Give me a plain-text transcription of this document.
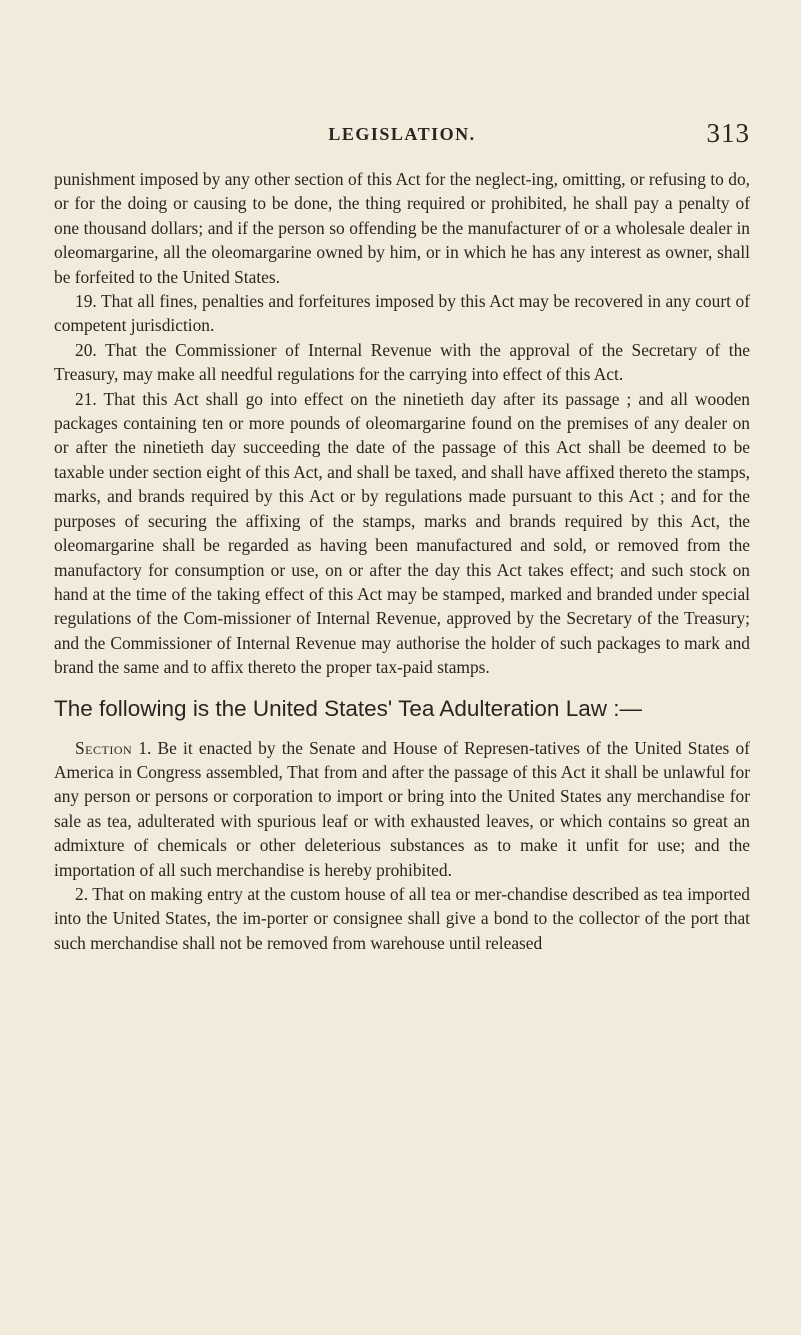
LEGISLATION.	313

punishment imposed by any other section of this Act for the neglect-ing, omitting, or refusing to do, or for the doing or causing to be done, the thing required or prohibited, he shall pay a penalty of one thousand dollars; and if the person so offending be the manufacturer of or a wholesale dealer in oleomargarine, all the oleomargarine owned by him, or in which he has any interest as owner, shall be forfeited to the United States.

19. That all fines, penalties and forfeitures imposed by this Act may be recovered in any court of competent jurisdiction.

20. That the Commissioner of Internal Revenue with the approval of the Secretary of the Treasury, may make all needful regulations for the carrying into effect of this Act.

21. That this Act shall go into effect on the ninetieth day after its passage ; and all wooden packages containing ten or more pounds of oleomargarine found on the premises of any dealer on or after the ninetieth day succeeding the date of the passage of this Act shall be deemed to be taxable under section eight of this Act, and shall be taxed, and shall have affixed thereto the stamps, marks, and brands required by this Act or by regulations made pursuant to this Act ; and for the purposes of securing the affixing of the stamps, marks and brands required by this Act, the oleomargarine shall be regarded as having been manufactured and sold, or removed from the manufactory for consumption or use, on or after the day this Act takes effect; and such stock on hand at the time of the taking effect of this Act may be stamped, marked and branded under special regulations of the Com-missioner of Internal Revenue, approved by the Secretary of the Treasury; and the Commissioner of Internal Revenue may authorise the holder of such packages to mark and brand the same and to affix thereto the proper tax-paid stamps.

The following is the United States' Tea Adulteration Law :—

Section 1. Be it enacted by the Senate and House of Represen-tatives of the United States of America in Congress assembled, That from and after the passage of this Act it shall be unlawful for any person or persons or corporation to import or bring into the United States any merchandise for sale as tea, adulterated with spurious leaf or with exhausted leaves, or which contains so great an admixture of chemicals or other deleterious substances as to make it unfit for use; and the importation of all such merchandise is hereby prohibited.

2. That on making entry at the custom house of all tea or mer-chandise described as tea imported into the United States, the im-porter or consignee shall give a bond to the collector of the port that such merchandise shall not be removed from warehouse until released
